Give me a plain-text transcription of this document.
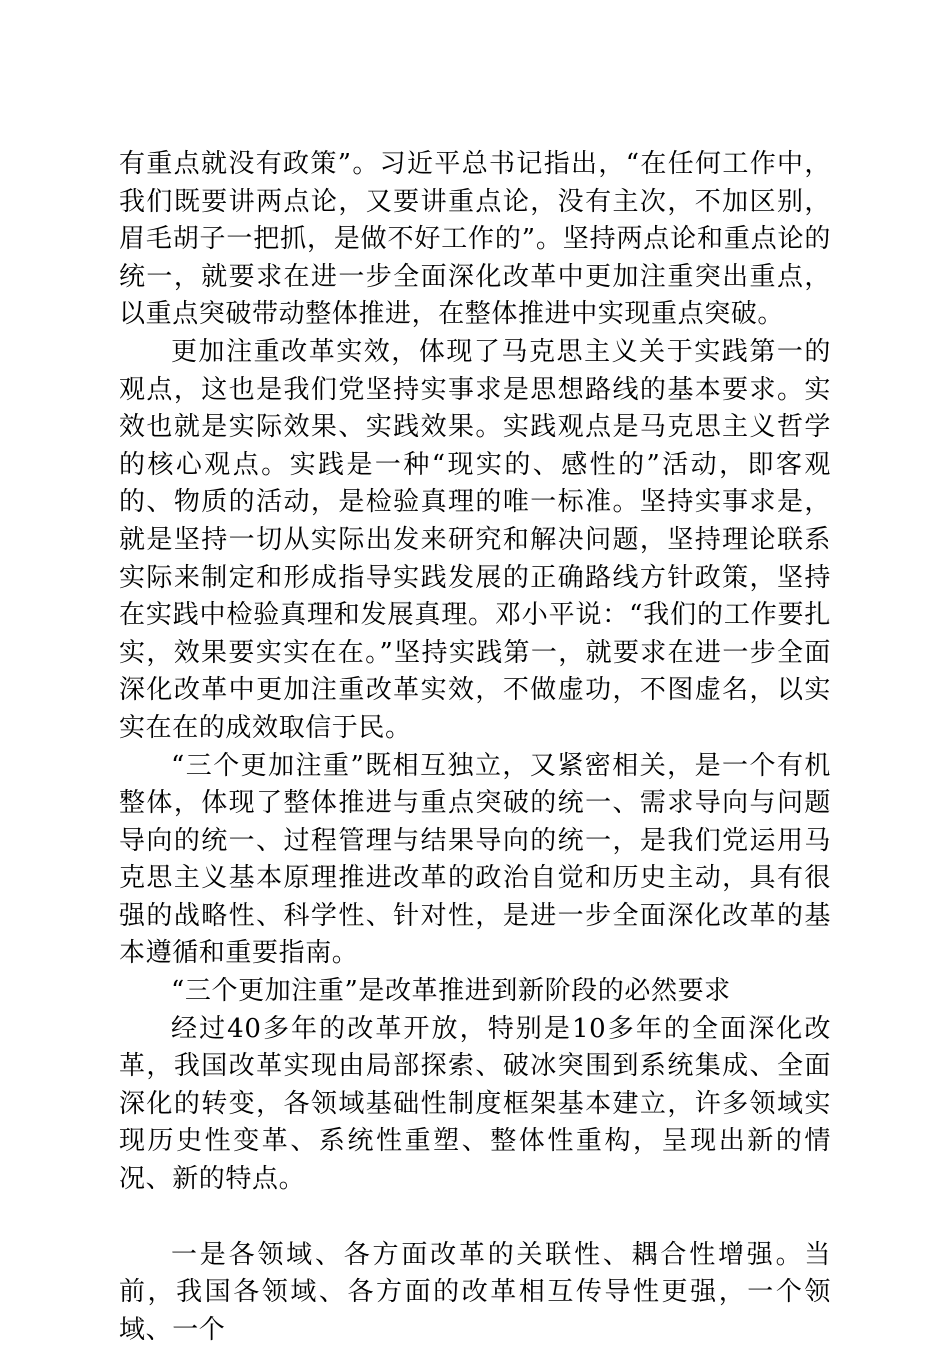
有重点就没有政策”。习近平总书记指出，“在任何工作中，我们既要讲两点论，又要讲重点论，没有主次，不加区别，眉毛胡子一把抓，是做不好工作的”。坚持两点论和重点论的统一，就要求在进一步全面深化改革中更加注重突出重点，以重点突破带动整体推进，在整体推进中实现重点突破。

更加注重改革实效，体现了马克思主义关于实践第一的观点，这也是我们党坚持实事求是思想路线的基本要求。实效也就是实际效果、实践效果。实践观点是马克思主义哲学的核心观点。实践是一种“现实的、感性的”活动，即客观的、物质的活动，是检验真理的唯一标准。坚持实事求是，就是坚持一切从实际出发来研究和解决问题，坚持理论联系实际来制定和形成指导实践发展的正确路线方针政策，坚持在实践中检验真理和发展真理。邓小平说：“我们的工作要扎实，效果要实实在在。”坚持实践第一，就要求在进一步全面深化改革中更加注重改革实效，不做虚功，不图虚名，以实实在在的成效取信于民。

“三个更加注重”既相互独立，又紧密相关，是一个有机整体，体现了整体推进与重点突破的统一、需求导向与问题导向的统一、过程管理与结果导向的统一，是我们党运用马克思主义基本原理推进改革的政治自觉和历史主动，具有很强的战略性、科学性、针对性，是进一步全面深化改革的基本遵循和重要指南。

“三个更加注重”是改革推进到新阶段的必然要求

经过40多年的改革开放，特别是10多年的全面深化改革，我国改革实现由局部探索、破冰突围到系统集成、全面深化的转变，各领域基础性制度框架基本建立，许多领域实现历史性变革、系统性重塑、整体性重构，呈现出新的情况、新的特点。

一是各领域、各方面改革的关联性、耦合性增强。当前，我国各领域、各方面的改革相互传导性更强，一个领域、一个
